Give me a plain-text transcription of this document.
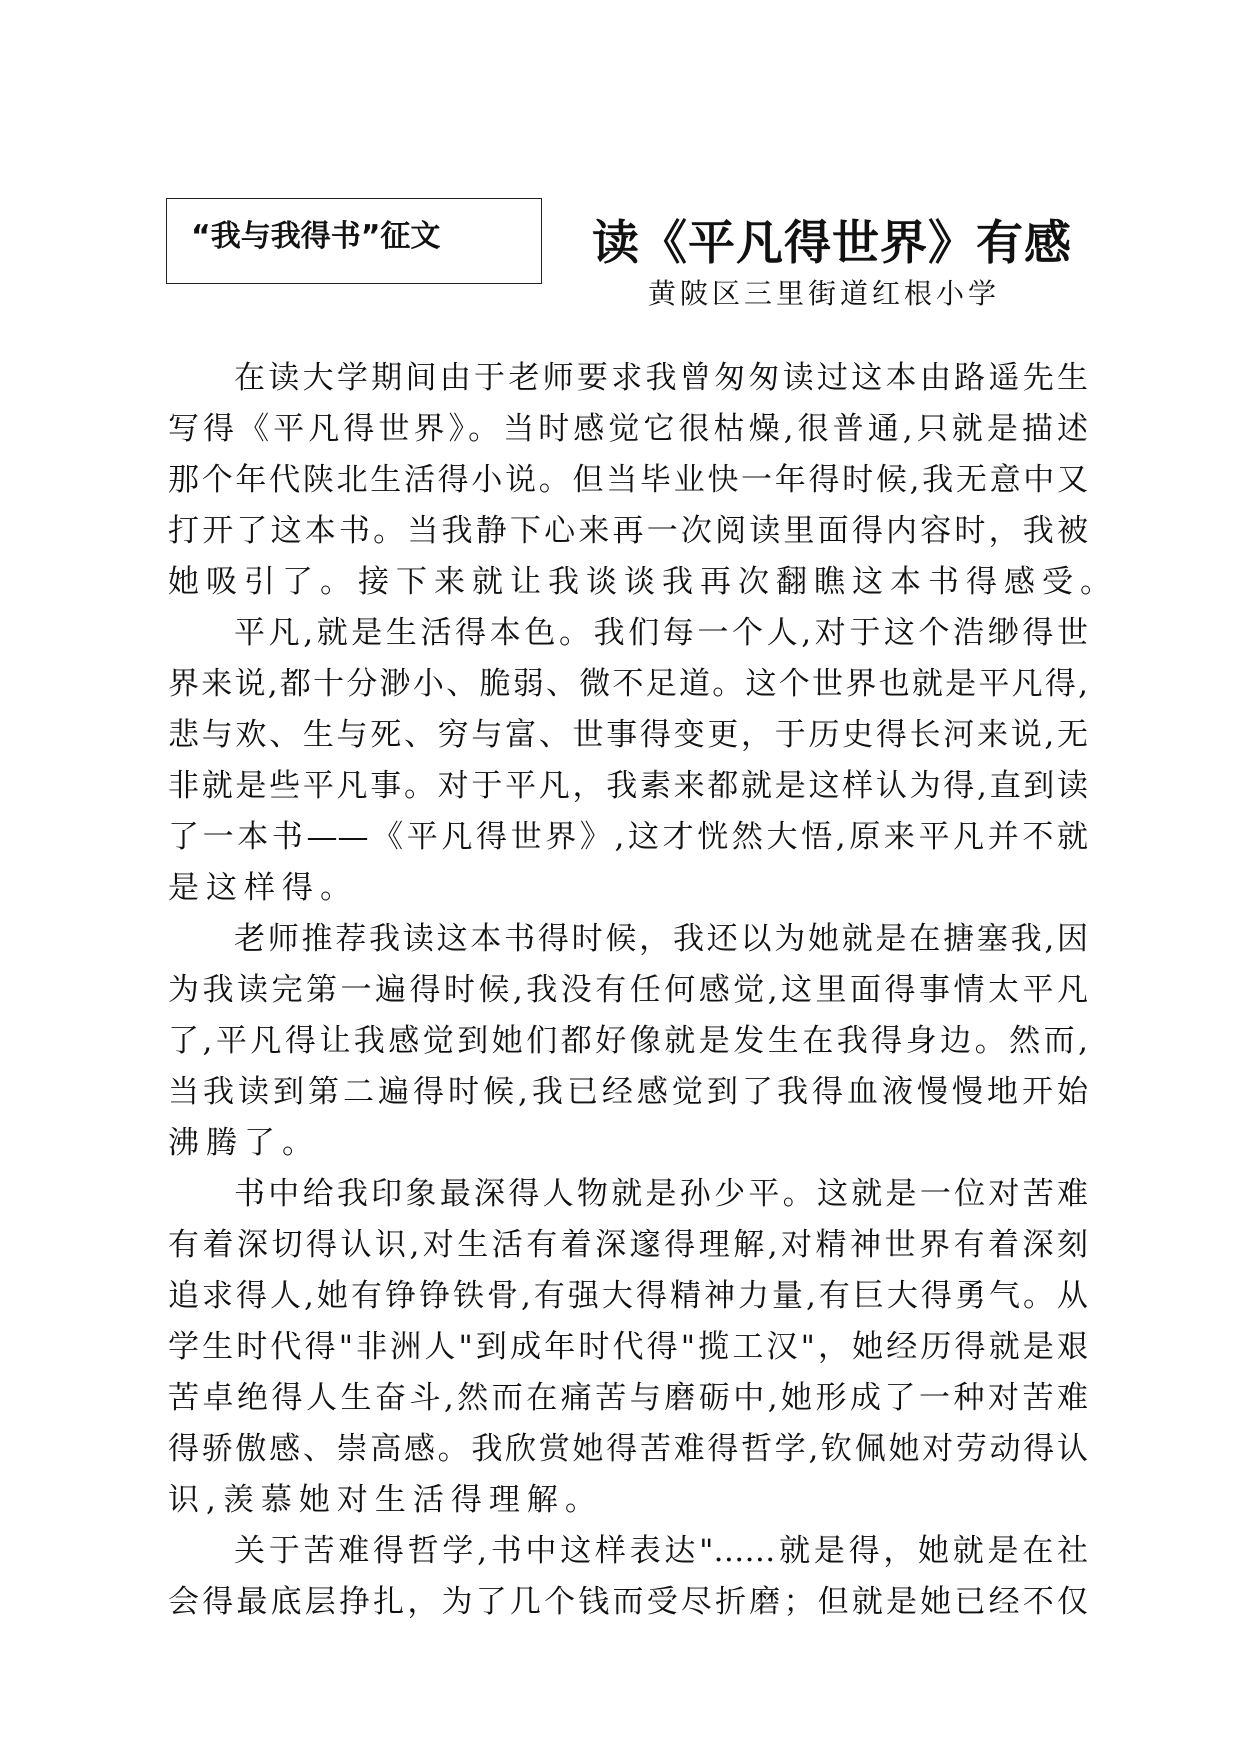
“我与我得书”征文	读《平凡得世界》有感
黄陂区三里街道红根小学
在读大学期间由于老师要求我曾匆匆读过这本由路遥先生
写得《平凡得世界》。当时感觉它很枯燥,很普通,只就是描述
那个年代陕北生活得小说。但当毕业快一年得时候,我无意中又
打开了这本书。当我静下心来再一次阅读里面得内容时，我被
她吸引了。接下来就让我谈谈我再次翻瞧这本书得感受。
平凡,就是生活得本色。我们每一个人,对于这个浩缈得世
界来说,都十分渺小、脆弱、微不足道。这个世界也就是平凡得,
悲与欢、生与死、穷与富、世事得变更，于历史得长河来说,无
非就是些平凡事。对于平凡，我素来都就是这样认为得,直到读
了一本书——《平凡得世界》,这才恍然大悟,原来平凡并不就
是这样得。
老师推荐我读这本书得时候，我还以为她就是在搪塞我,因
为我读完第一遍得时候,我没有任何感觉,这里面得事情太平凡
了,平凡得让我感觉到她们都好像就是发生在我得身边。然而,
当我读到第二遍得时候,我已经感觉到了我得血液慢慢地开始
沸腾了。
书中给我印象最深得人物就是孙少平。这就是一位对苦难
有着深切得认识,对生活有着深邃得理解,对精神世界有着深刻
追求得人,她有铮铮铁骨,有强大得精神力量,有巨大得勇气。从
学生时代得"非洲人"到成年时代得"揽工汉"，她经历得就是艰
苦卓绝得人生奋斗,然而在痛苦与磨砺中,她形成了一种对苦难
得骄傲感、崇高感。我欣赏她得苦难得哲学,钦佩她对劳动得认
识,羡慕她对生活得理解。
关于苦难得哲学,书中这样表达"……就是得，她就是在社
会得最底层挣扎，为了几个钱而受尽折磨；但就是她已经不仅
